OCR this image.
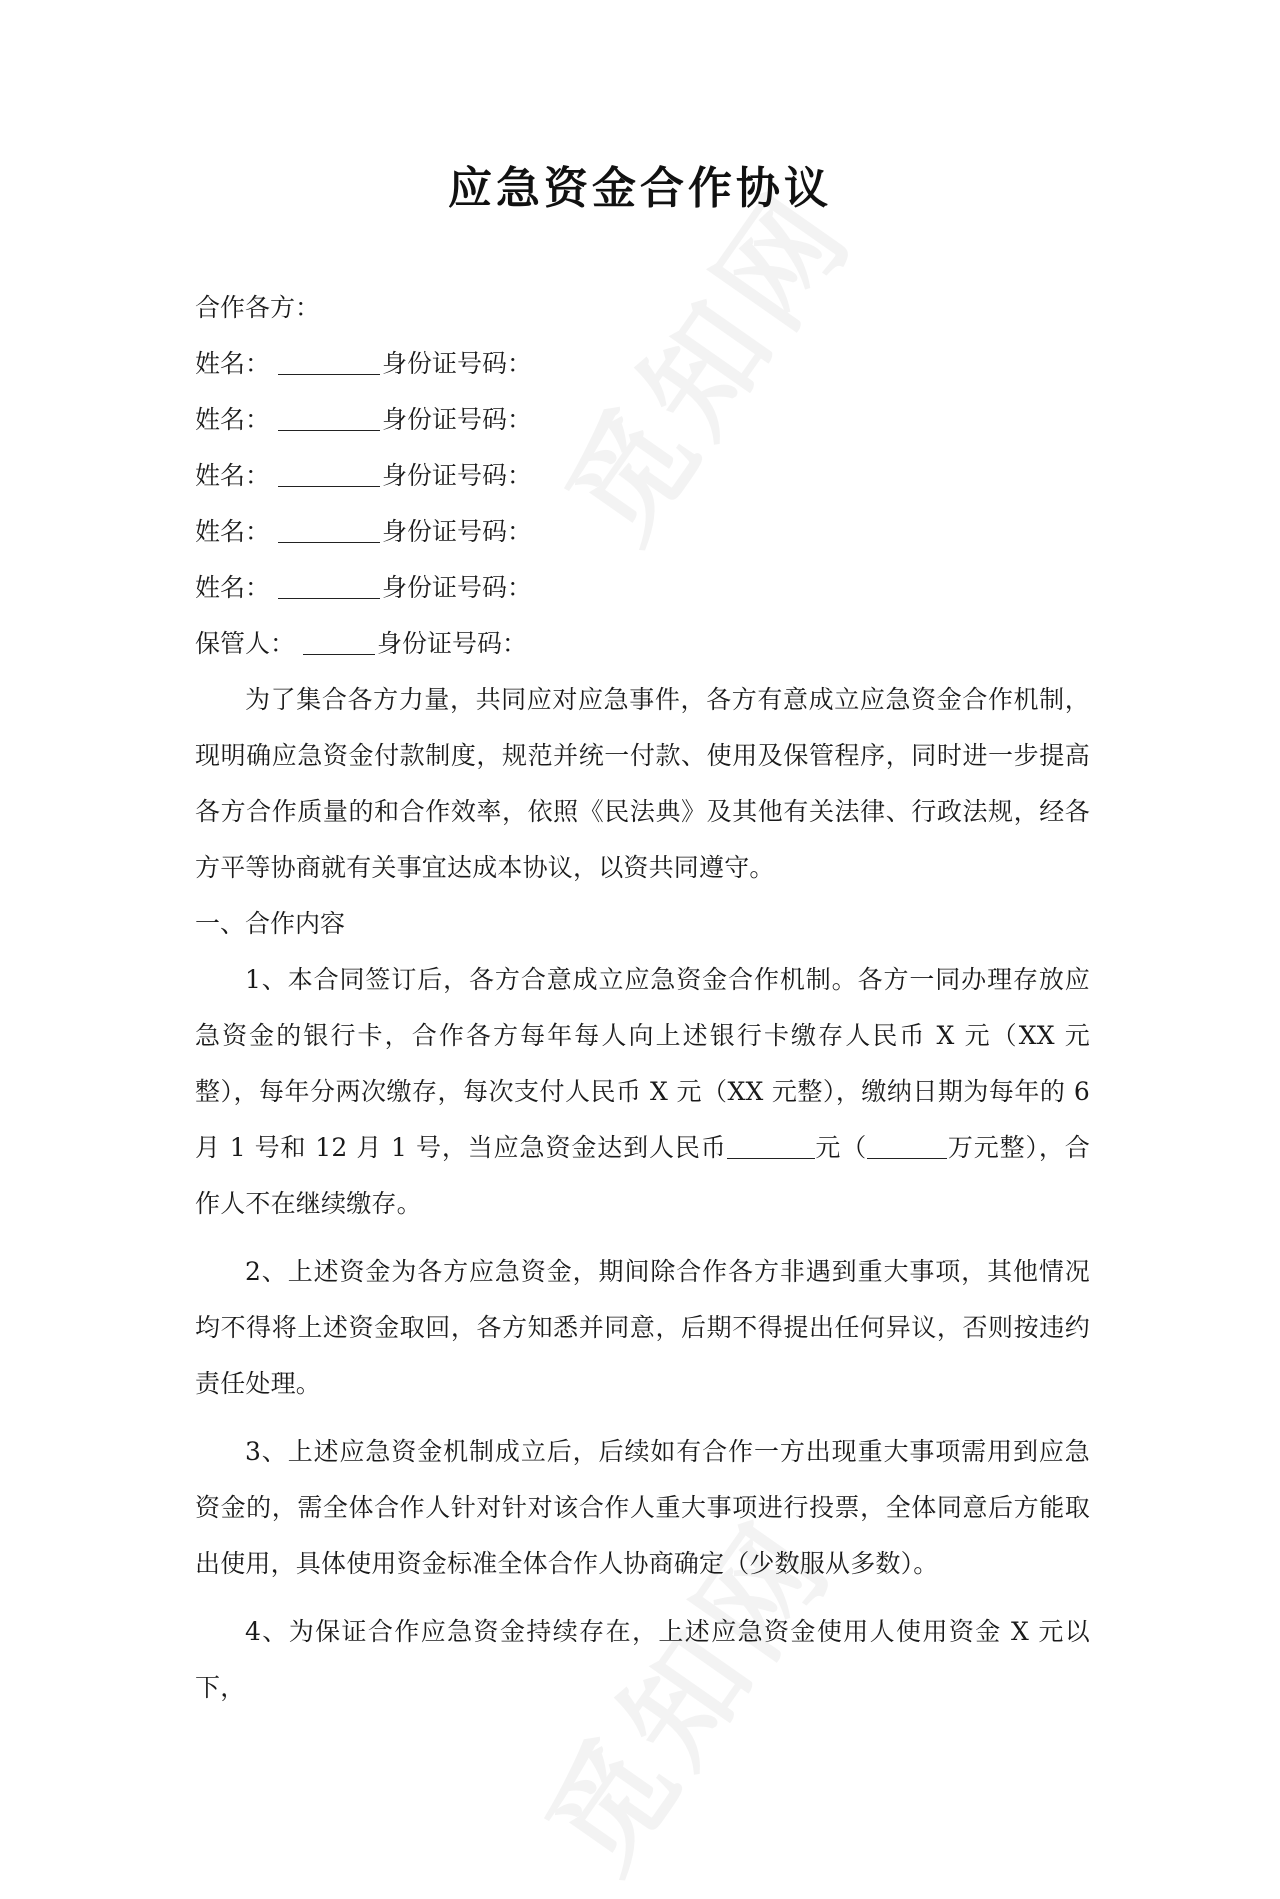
应急资金合作协议

合作各方：

姓名：	身份证号码：

姓名：	身份证号码：

姓名：	身份证号码：

姓名：	身份证号码：

姓名：	身份证号码：

保管人：	身份证号码：

为了集合各方力量，共同应对应急事件，各方有意成立应急资金合作机制，现明确应急资金付款制度，规范并统一付款、使用及保管程序，同时进一步提高各方合作质量的和合作效率，依照《民法典》及其他有关法律、行政法规，经各方平等协商就有关事宜达成本协议，以资共同遵守。

一、合作内容

1、本合同签订后，各方合意成立应急资金合作机制。各方一同办理存放应急资金的银行卡，合作各方每年每人向上述银行卡缴存人民币 X 元（XX 元整），每年分两次缴存，每次支付人民币 X 元（XX 元整），缴纳日期为每年的 6 月 1 号和 12 月 1 号，当应急资金达到人民币	元（	万元整），合作人不在继续缴存。

2、上述资金为各方应急资金，期间除合作各方非遇到重大事项，其他情况均不得将上述资金取回，各方知悉并同意，后期不得提出任何异议，否则按违约责任处理。

3、上述应急资金机制成立后，后续如有合作一方出现重大事项需用到应急资金的，需全体合作人针对针对该合作人重大事项进行投票，全体同意后方能取出使用，具体使用资金标准全体合作人协商确定（少数服从多数）。

4、为保证合作应急资金持续存在，上述应急资金使用人使用资金 X 元以下，
